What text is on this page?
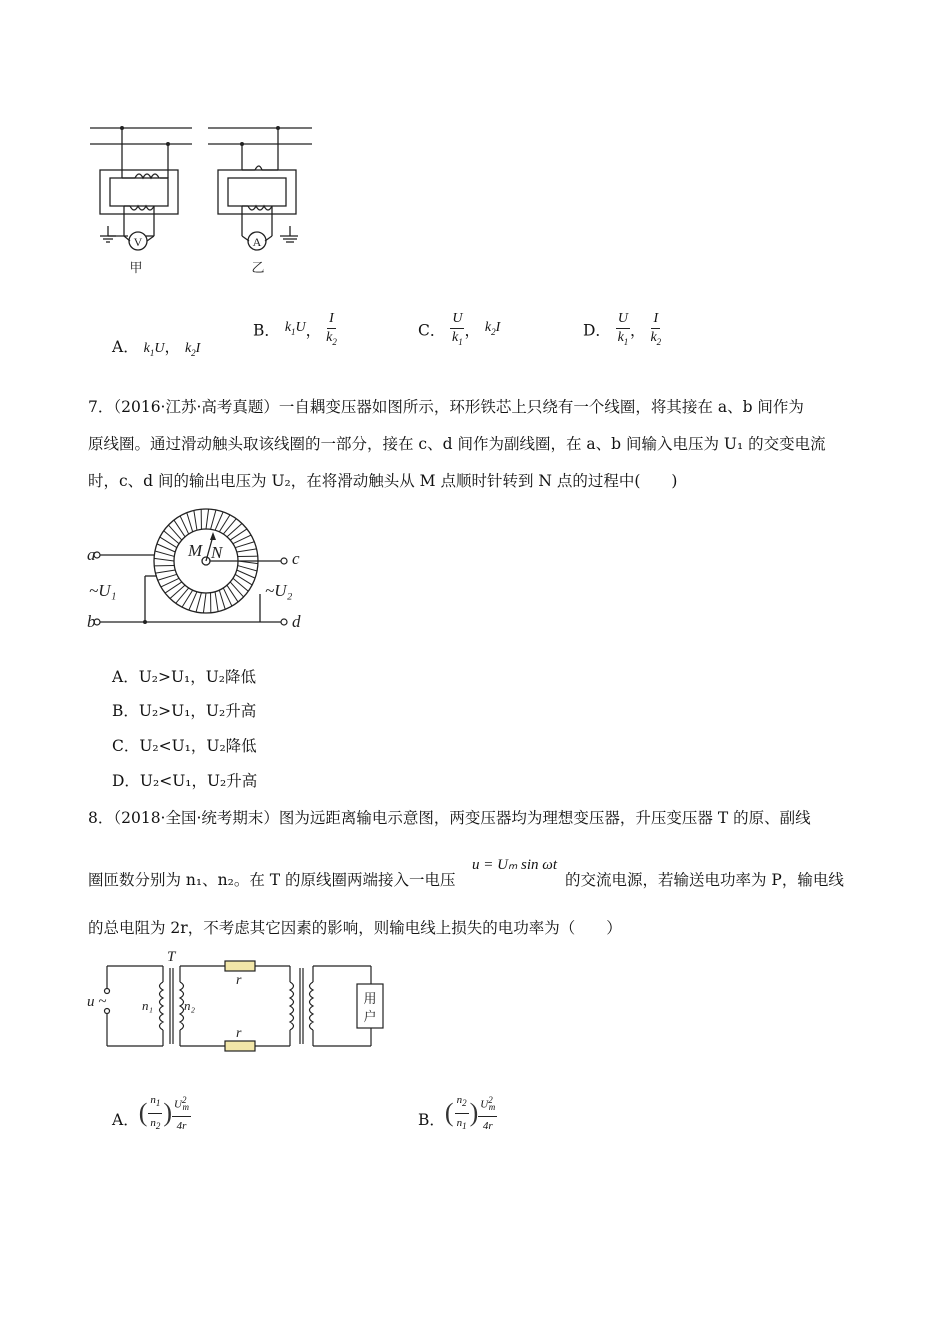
V	A
甲	乙
A． $k_1U$， $k_2I$
B． $k_1U$， $\frac{I}{k_2}$	C． $\frac{U}{k_1}$ ， $k_2I$	D． $\frac{U}{k_1}$ ， $\frac{I}{k_2}$
7．（2016·江苏·高考真题）一自耦变压器如图所示，环形铁芯上只绕有一个线圈，将其接在 a、b 间作为
原线圈。通过滑动触头取该线圈的一部分，接在 c、d 间作为副线圈，在 a、b 间输入电压为 U₁ 的交变电流
时，c、d 间的输出电压为 U₂，在将滑动触头从 M 点顺时针转到 N 点的过程中(　　)
a
b
c
d
M N
~U₁	~U₂
A．U₂>U₁，U₂降低
B．U₂>U₁，U₂升高
C．U₂<U₁，U₂降低
D．U₂<U₁，U₂升高
8．（2018·全国·统考期末）图为远距离输电示意图，两变压器均为理想变压器，升压变压器 T 的原、副线
圈匝数分别为 n₁、n₂。在 T 的原线圈两端接入一电压
u = Uₘ sin ωt
的交流电源，若输送电功率为 P，输电线
的总电阻为 2r，不考虑其它因素的影响，则输电线上损失的电功率为（　　）
T
u ~	n₁ n₂
r
r
用户
A． ( $\frac{n_1}{n_2}$ ) $\frac{U^2_m}{4r}$	B． ( $\frac{n_2}{n_1}$ ) $\frac{U^2_m}{4r}$
